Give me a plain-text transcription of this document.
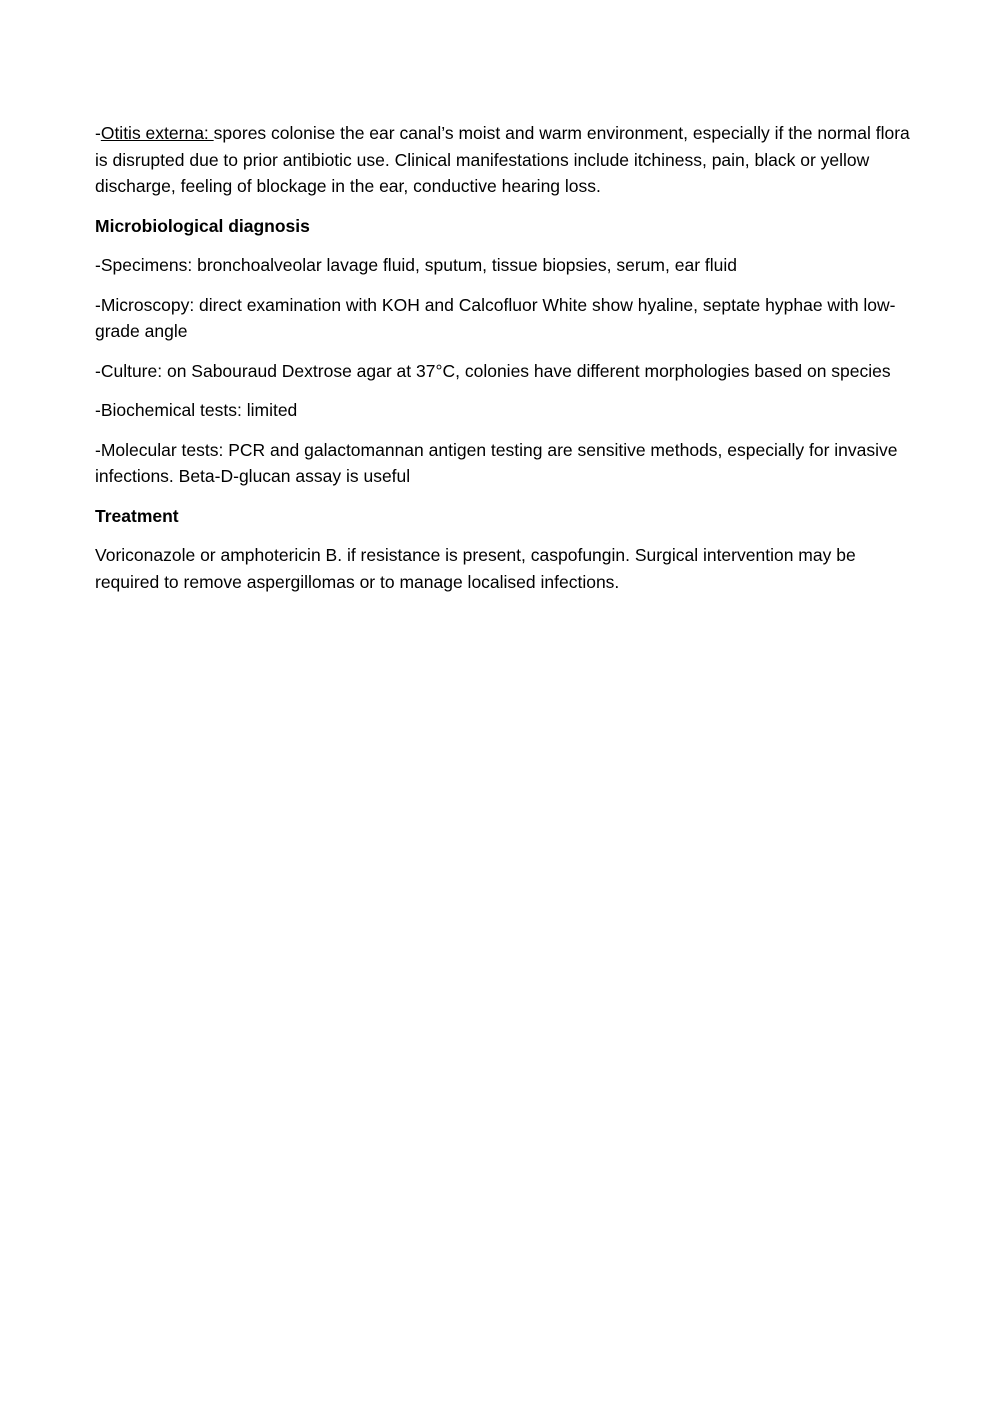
-Otitis externa: spores colonise the ear canal’s moist and warm environment, especially if the normal flora is disrupted due to prior antibiotic use. Clinical manifestations include itchiness, pain, black or yellow discharge, feeling of blockage in the ear, conductive hearing loss.

Microbiological diagnosis

-Specimens: bronchoalveolar lavage fluid, sputum, tissue biopsies, serum, ear fluid

-Microscopy: direct examination with KOH and Calcofluor White show hyaline, septate hyphae with low-grade angle

-Culture: on Sabouraud Dextrose agar at 37°C, colonies have different morphologies based on species

-Biochemical tests: limited

-Molecular tests: PCR and galactomannan antigen testing are sensitive methods, especially for invasive infections. Beta-D-glucan assay is useful

Treatment

Voriconazole or amphotericin B. if resistance is present, caspofungin. Surgical intervention may be required to remove aspergillomas or to manage localised infections.
